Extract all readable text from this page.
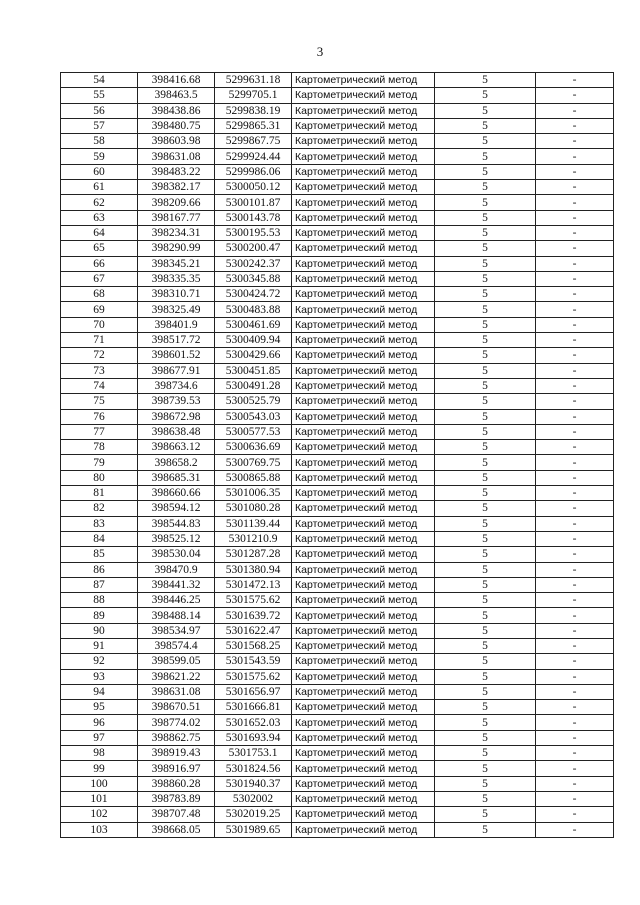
3
54	398416.68	5299631.18	Картометрический метод	5	-
55	398463.5	5299705.1	Картометрический метод	5	-
56	398438.86	5299838.19	Картометрический метод	5	-
57	398480.75	5299865.31	Картометрический метод	5	-
58	398603.98	5299867.75	Картометрический метод	5	-
59	398631.08	5299924.44	Картометрический метод	5	-
60	398483.22	5299986.06	Картометрический метод	5	-
61	398382.17	5300050.12	Картометрический метод	5	-
62	398209.66	5300101.87	Картометрический метод	5	-
63	398167.77	5300143.78	Картометрический метод	5	-
64	398234.31	5300195.53	Картометрический метод	5	-
65	398290.99	5300200.47	Картометрический метод	5	-
66	398345.21	5300242.37	Картометрический метод	5	-
67	398335.35	5300345.88	Картометрический метод	5	-
68	398310.71	5300424.72	Картометрический метод	5	-
69	398325.49	5300483.88	Картометрический метод	5	-
70	398401.9	5300461.69	Картометрический метод	5	-
71	398517.72	5300409.94	Картометрический метод	5	-
72	398601.52	5300429.66	Картометрический метод	5	-
73	398677.91	5300451.85	Картометрический метод	5	-
74	398734.6	5300491.28	Картометрический метод	5	-
75	398739.53	5300525.79	Картометрический метод	5	-
76	398672.98	5300543.03	Картометрический метод	5	-
77	398638.48	5300577.53	Картометрический метод	5	-
78	398663.12	5300636.69	Картометрический метод	5	-
79	398658.2	5300769.75	Картометрический метод	5	-
80	398685.31	5300865.88	Картометрический метод	5	-
81	398660.66	5301006.35	Картометрический метод	5	-
82	398594.12	5301080.28	Картометрический метод	5	-
83	398544.83	5301139.44	Картометрический метод	5	-
84	398525.12	5301210.9	Картометрический метод	5	-
85	398530.04	5301287.28	Картометрический метод	5	-
86	398470.9	5301380.94	Картометрический метод	5	-
87	398441.32	5301472.13	Картометрический метод	5	-
88	398446.25	5301575.62	Картометрический метод	5	-
89	398488.14	5301639.72	Картометрический метод	5	-
90	398534.97	5301622.47	Картометрический метод	5	-
91	398574.4	5301568.25	Картометрический метод	5	-
92	398599.05	5301543.59	Картометрический метод	5	-
93	398621.22	5301575.62	Картометрический метод	5	-
94	398631.08	5301656.97	Картометрический метод	5	-
95	398670.51	5301666.81	Картометрический метод	5	-
96	398774.02	5301652.03	Картометрический метод	5	-
97	398862.75	5301693.94	Картометрический метод	5	-
98	398919.43	5301753.1	Картометрический метод	5	-
99	398916.97	5301824.56	Картометрический метод	5	-
100	398860.28	5301940.37	Картометрический метод	5	-
101	398783.89	5302002	Картометрический метод	5	-
102	398707.48	5302019.25	Картометрический метод	5	-
103	398668.05	5301989.65	Картометрический метод	5	-
